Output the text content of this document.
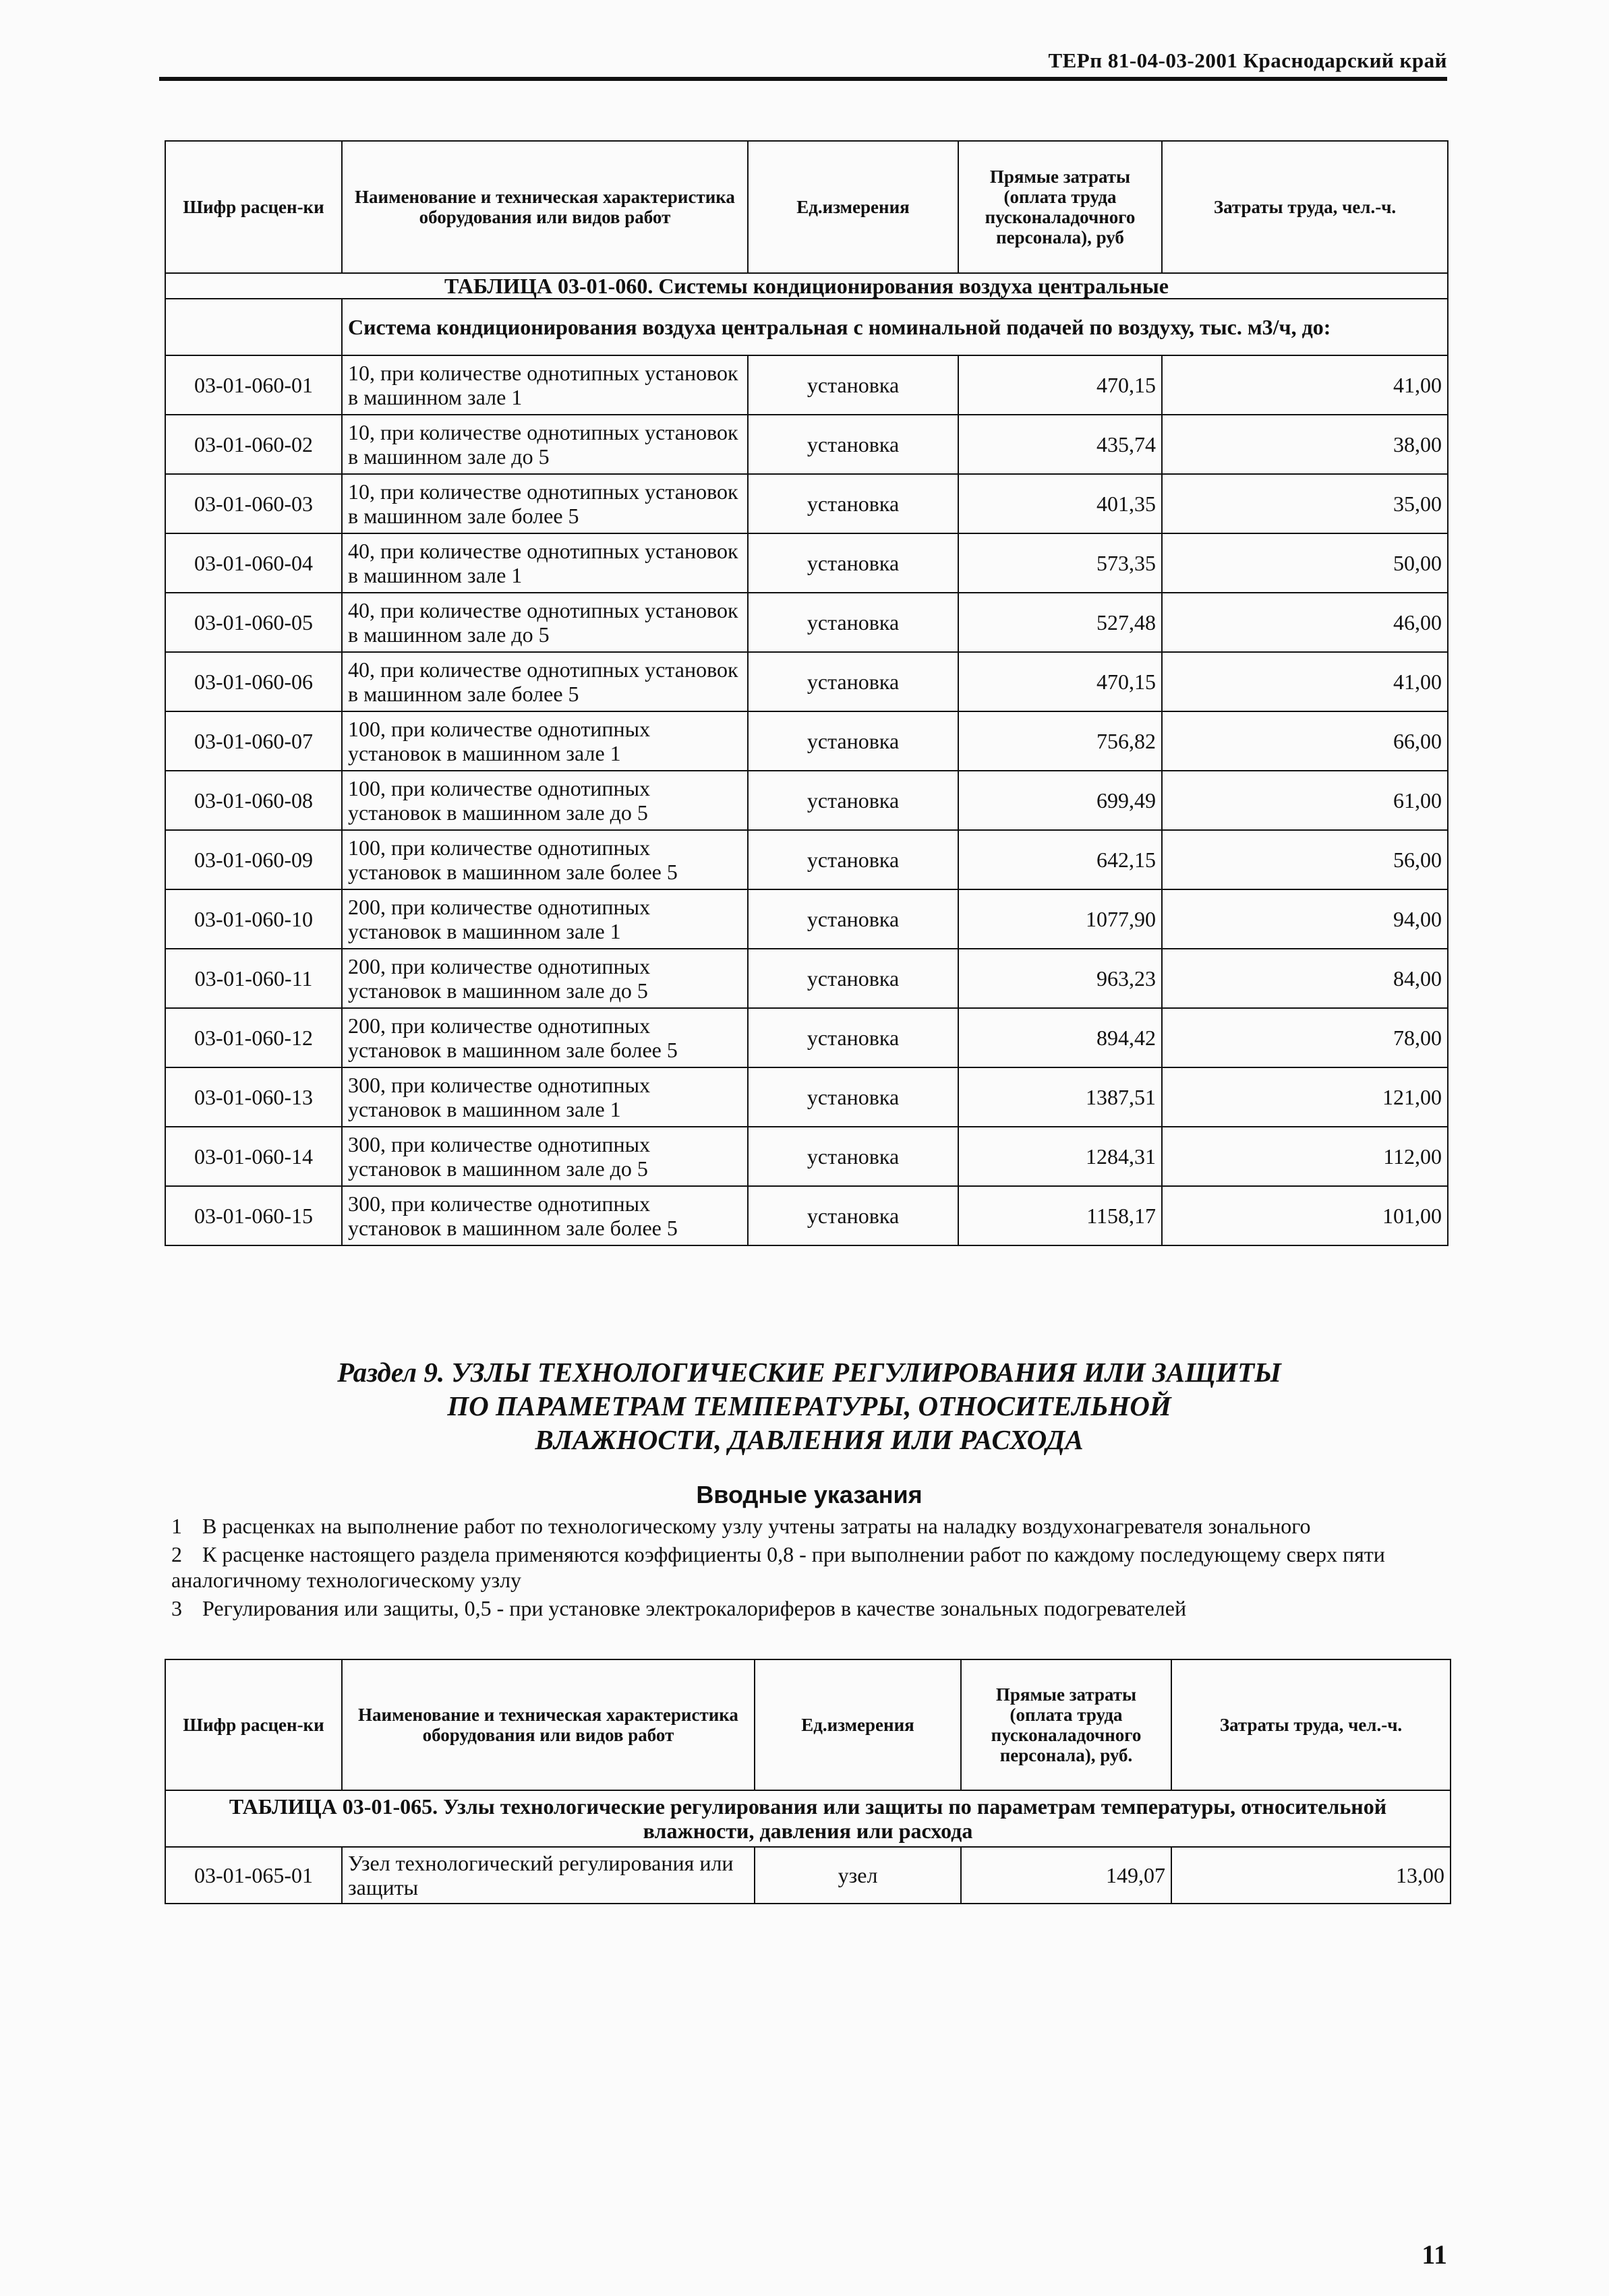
ТЕРп 81-04-03-2001 Краснодарский край
Шифр расцен-ки	Наименование и техническая характеристика оборудования или видов работ	Ед.измерения	Прямые затраты (оплата труда пусконаладочного персонала), руб	Затраты труда, чел.-ч.
ТАБЛИЦА 03-01-060. Системы кондиционирования воздуха центральные				
	Система кондиционирования воздуха центральная с номинальной подачей по воздуху, тыс. м3/ч, до:			
03-01-060-01	10, при количестве однотипных установок в машинном зале 1	установка	470,15	41,00
03-01-060-02	10, при количестве однотипных установок в машинном зале до 5	установка	435,74	38,00
03-01-060-03	10, при количестве однотипных установок в машинном зале более 5	установка	401,35	35,00
03-01-060-04	40, при количестве однотипных установок в машинном зале 1	установка	573,35	50,00
03-01-060-05	40, при количестве однотипных установок в машинном зале до 5	установка	527,48	46,00
03-01-060-06	40, при количестве однотипных установок в машинном зале более 5	установка	470,15	41,00
03-01-060-07	100, при количестве однотипных установок в машинном зале 1	установка	756,82	66,00
03-01-060-08	100, при количестве однотипных установок в машинном зале до 5	установка	699,49	61,00
03-01-060-09	100, при количестве однотипных установок в машинном зале более 5	установка	642,15	56,00
03-01-060-10	200, при количестве однотипных установок в машинном зале 1	установка	1077,90	94,00
03-01-060-11	200, при количестве однотипных установок в машинном зале до 5	установка	963,23	84,00
03-01-060-12	200, при количестве однотипных установок в машинном зале более 5	установка	894,42	78,00
03-01-060-13	300, при количестве однотипных установок в машинном зале 1	установка	1387,51	121,00
03-01-060-14	300, при количестве однотипных установок в машинном зале до 5	установка	1284,31	112,00
03-01-060-15	300, при количестве однотипных установок в машинном зале более 5	установка	1158,17	101,00
Раздел 9. УЗЛЫ ТЕХНОЛОГИЧЕСКИЕ РЕГУЛИРОВАНИЯ ИЛИ ЗАЩИТЫ
ПО ПАРАМЕТРАМ ТЕМПЕРАТУРЫ, ОТНОСИТЕЛЬНОЙ
ВЛАЖНОСТИ, ДАВЛЕНИЯ ИЛИ РАСХОДА
Вводные указания

1 В расценках на выполнение работ по технологическому узлу учтены затраты на наладку воздухонагревателя зонального

2 К расценке настоящего раздела применяются коэффициенты 0,8 - при выполнении работ по каждому последующему сверх пяти аналогичному технологическому узлу

3 Регулирования или защиты, 0,5 - при установке электрокалориферов в качестве зональных подогревателей

Шифр расцен-ки	Наименование и техническая характеристика оборудования или видов работ	Ед.измерения	Прямые затраты (оплата труда пусконаладочного персонала), руб.	Затраты труда, чел.-ч.
ТАБЛИЦА 03-01-065. Узлы технологические регулирования или защиты по параметрам температуры, относительной влажности, давления или расхода				
03-01-065-01	Узел технологический регулирования или защиты	узел	149,07	13,00
11
